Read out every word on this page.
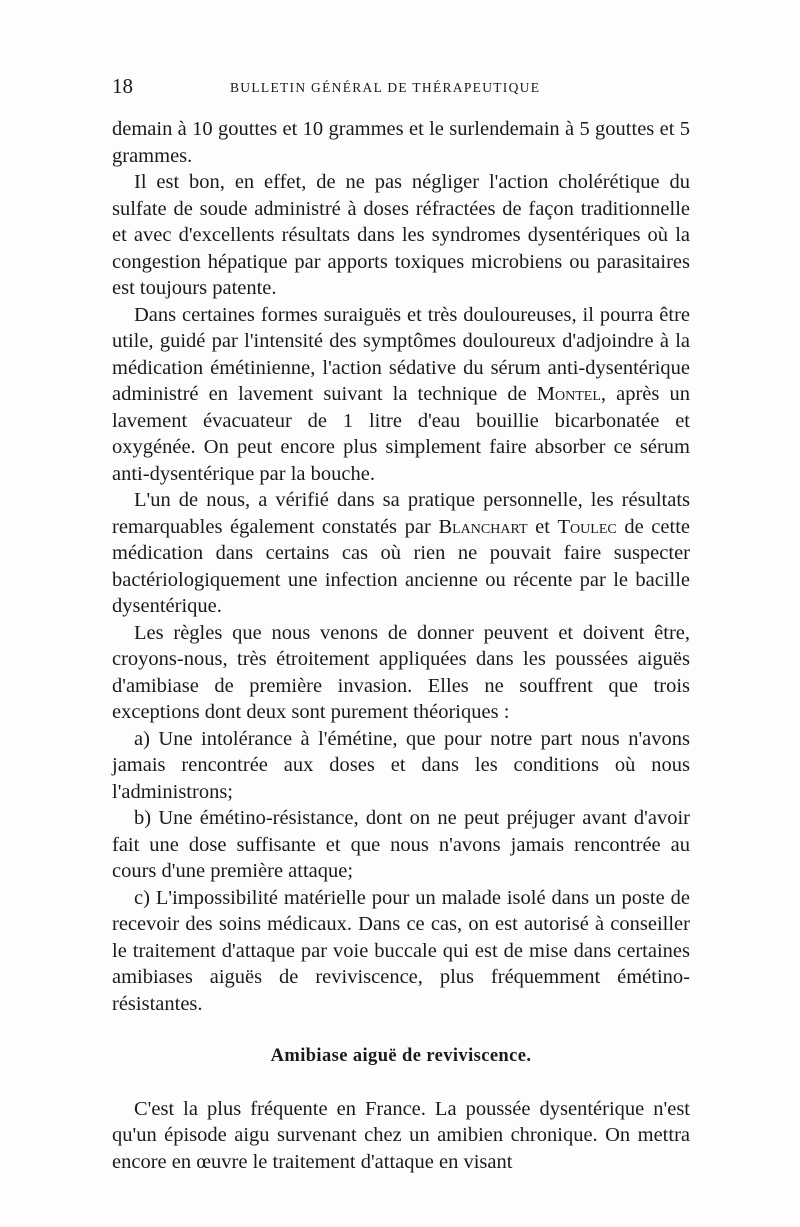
18	BULLETIN GÉNÉRAL DE THÉRAPEUTIQUE

demain à 10 gouttes et 10 grammes et le surlendemain à 5 gouttes et 5 grammes.

Il est bon, en effet, de ne pas négliger l'action cholérétique du sulfate de soude administré à doses réfractées de façon traditionnelle et avec d'excellents résultats dans les syndromes dysentériques où la congestion hépatique par apports toxiques microbiens ou parasitaires est toujours patente.

Dans certaines formes suraiguës et très douloureuses, il pourra être utile, guidé par l'intensité des symptômes douloureux d'adjoindre à la médication émétinienne, l'action sédative du sérum anti-dysentérique administré en lavement suivant la technique de Montel, après un lavement évacuateur de 1 litre d'eau bouillie bicarbonatée et oxygénée. On peut encore plus simplement faire absorber ce sérum anti-dysentérique par la bouche.

L'un de nous, a vérifié dans sa pratique personnelle, les résultats remarquables également constatés par Blanchart et Toulec de cette médication dans certains cas où rien ne pouvait faire suspecter bactériologiquement une infection ancienne ou récente par le bacille dysentérique.

Les règles que nous venons de donner peuvent et doivent être, croyons-nous, très étroitement appliquées dans les poussées aiguës d'amibiase de première invasion. Elles ne souffrent que trois exceptions dont deux sont purement théoriques :

a) Une intolérance à l'émétine, que pour notre part nous n'avons jamais rencontrée aux doses et dans les conditions où nous l'administrons;

b) Une émétino-résistance, dont on ne peut préjuger avant d'avoir fait une dose suffisante et que nous n'avons jamais rencontrée au cours d'une première attaque;

c) L'impossibilité matérielle pour un malade isolé dans un poste de recevoir des soins médicaux. Dans ce cas, on est autorisé à conseiller le traitement d'attaque par voie buccale qui est de mise dans certaines amibiases aiguës de reviviscence, plus fréquemment émétino-résistantes.

Amibiase aiguë de reviviscence.

C'est la plus fréquente en France. La poussée dysentérique n'est qu'un épisode aigu survenant chez un amibien chronique. On mettra encore en œuvre le traitement d'attaque en visant
